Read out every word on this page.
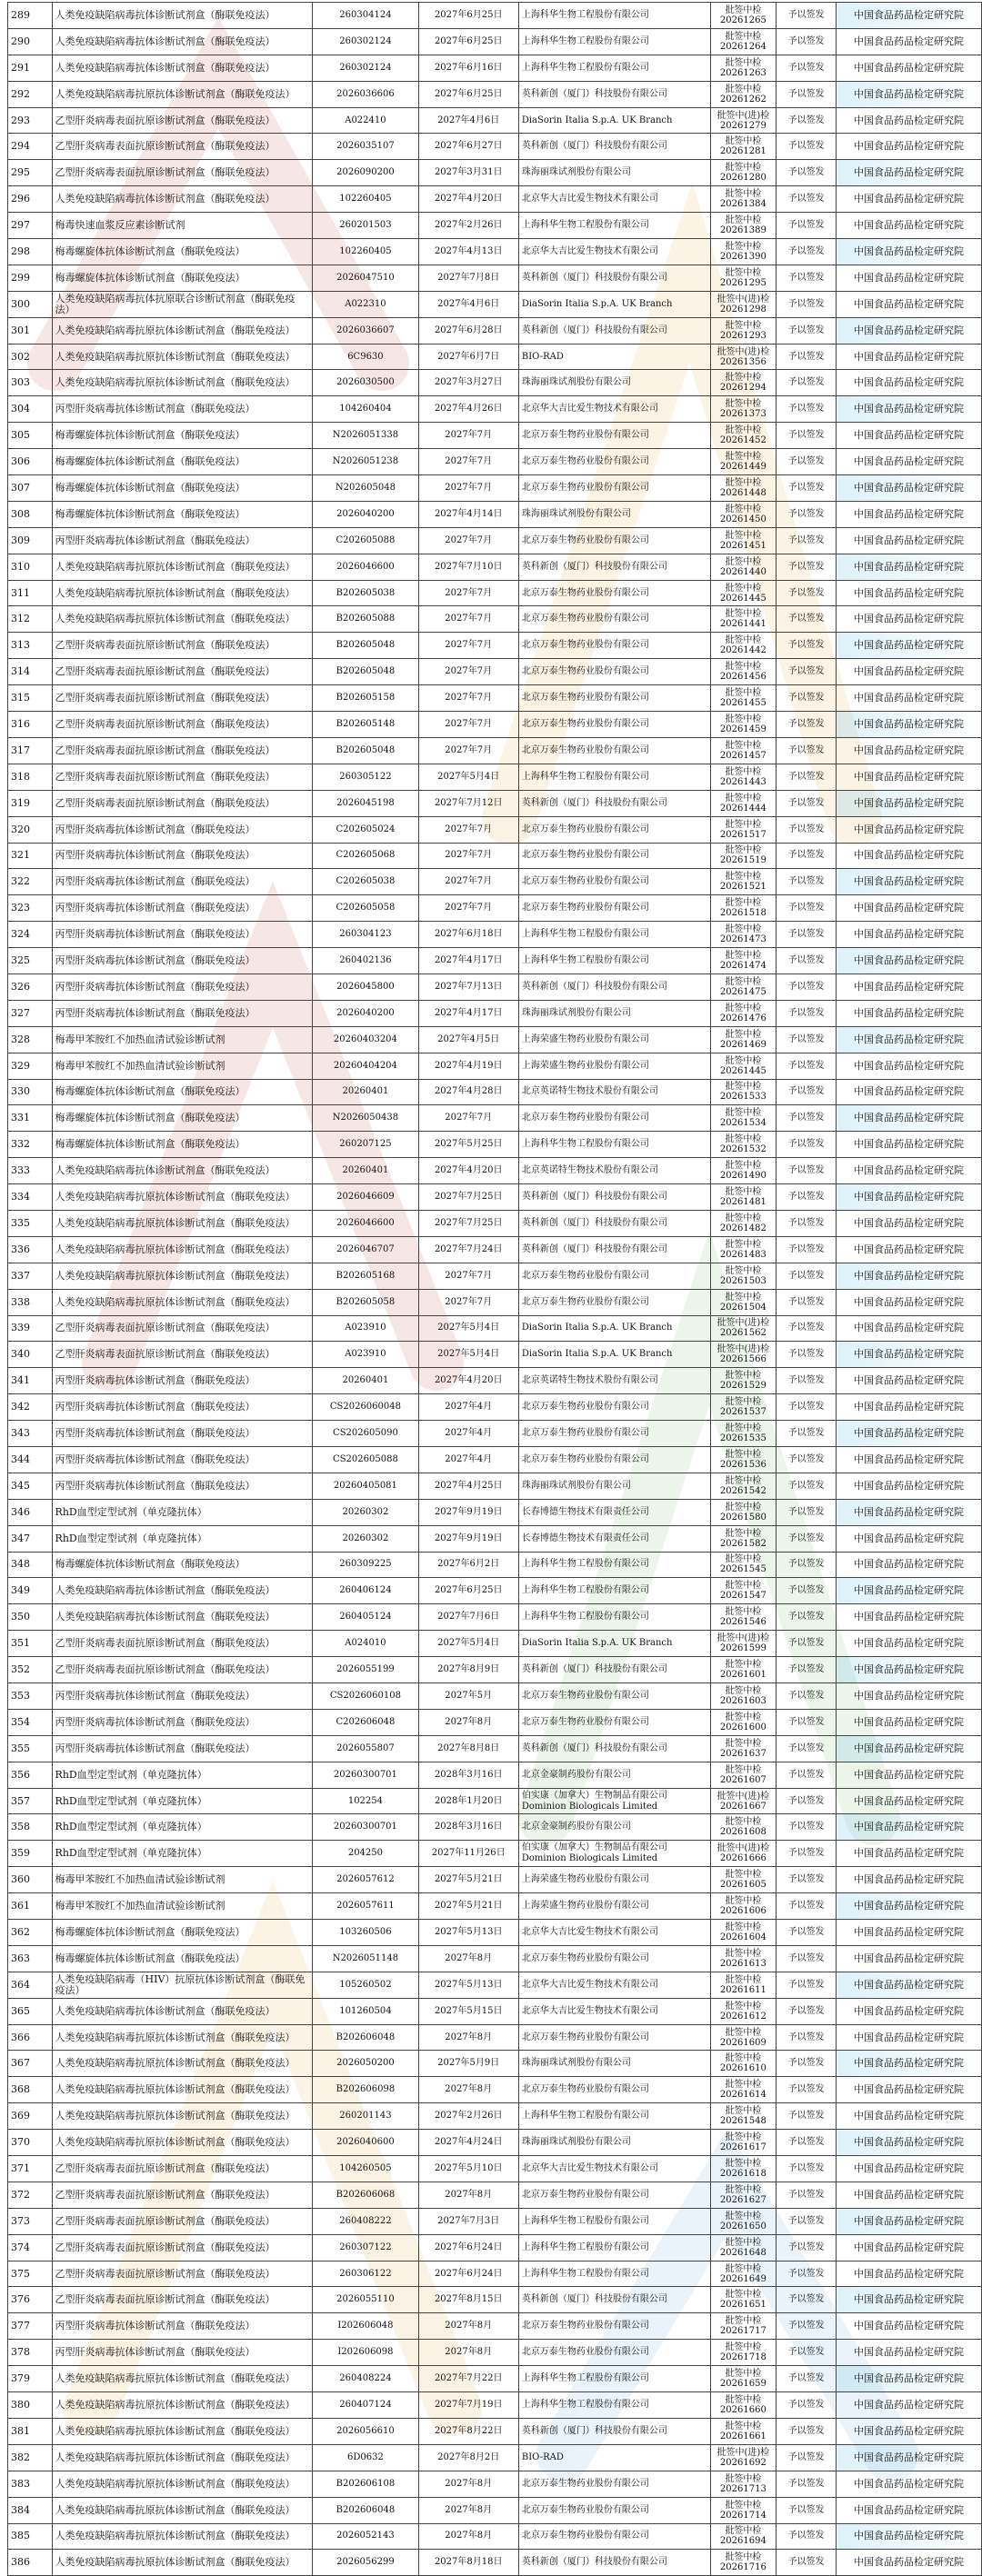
289	人类免疫缺陷病毒抗体诊断试剂盒（酶联免疫法）	260304124	2027年6月25日	上海科华生物工程股份有限公司	批签中检
20261265	予以签发	中国食品药品检定研究院
290	人类免疫缺陷病毒抗体诊断试剂盒（酶联免疫法）	260302124	2027年6月25日	上海科华生物工程股份有限公司	批签中检
20261264	予以签发	中国食品药品检定研究院
291	人类免疫缺陷病毒抗体诊断试剂盒（酶联免疫法）	260302124	2027年6月16日	上海科华生物工程股份有限公司	批签中检
20261263	予以签发	中国食品药品检定研究院
292	人类免疫缺陷病毒抗原抗体诊断试剂盒（酶联免疫法）	2026036606	2027年6月25日	英科新创（厦门）科技股份有限公司	批签中检
20261262	予以签发	中国食品药品检定研究院
293	乙型肝炎病毒表面抗原诊断试剂盒（酶联免疫法）	A022410	2027年4月6日	DiaSorin Italia S.p.A. UK Branch	批签中(进)检
20261279	予以签发	中国食品药品检定研究院
294	乙型肝炎病毒表面抗原诊断试剂盒（酶联免疫法）	2026035107	2027年6月27日	英科新创（厦门）科技股份有限公司	批签中检
20261281	予以签发	中国食品药品检定研究院
295	乙型肝炎病毒表面抗原诊断试剂盒（酶联免疫法）	2026090200	2027年3月31日	珠海丽珠试剂股份有限公司	批签中检
20261280	予以签发	中国食品药品检定研究院
296	人类免疫缺陷病毒抗体诊断试剂盒（酶联免疫法）	102260405	2027年4月20日	北京华大吉比爱生物技术有限公司	批签中检
20261384	予以签发	中国食品药品检定研究院
297	梅毒快速血浆反应素诊断试剂	260201503	2027年2月26日	上海科华生物工程股份有限公司	批签中检
20261389	予以签发	中国食品药品检定研究院
298	梅毒螺旋体抗体诊断试剂盒（酶联免疫法）	102260405	2027年4月13日	北京华大吉比爱生物技术有限公司	批签中检
20261390	予以签发	中国食品药品检定研究院
299	梅毒螺旋体抗体诊断试剂盒（酶联免疫法）	2026047510	2027年7月8日	英科新创（厦门）科技股份有限公司	批签中检
20261295	予以签发	中国食品药品检定研究院
300	人类免疫缺陷病毒抗体抗原联合诊断试剂盒（酶联免疫法）	A022310	2027年4月6日	DiaSorin Italia S.p.A. UK Branch	批签中(进)检
20261298	予以签发	中国食品药品检定研究院
301	人类免疫缺陷病毒抗原抗体诊断试剂盒（酶联免疫法）	2026036607	2027年6月28日	英科新创（厦门）科技股份有限公司	批签中检
20261293	予以签发	中国食品药品检定研究院
302	人类免疫缺陷病毒抗原抗体诊断试剂盒（酶联免疫法）	6C9630	2027年6月7日	BIO-RAD	批签中(进)检
20261356	予以签发	中国食品药品检定研究院
303	人类免疫缺陷病毒抗原抗体诊断试剂盒（酶联免疫法）	2026030500	2027年3月27日	珠海丽珠试剂股份有限公司	批签中检
20261294	予以签发	中国食品药品检定研究院
304	丙型肝炎病毒抗体诊断试剂盒（酶联免疫法）	104260404	2027年4月26日	北京华大吉比爱生物技术有限公司	批签中检
20261373	予以签发	中国食品药品检定研究院
305	梅毒螺旋体抗体诊断试剂盒（酶联免疫法）	N2026051338	2027年7月	北京万泰生物药业股份有限公司	批签中检
20261452	予以签发	中国食品药品检定研究院
306	梅毒螺旋体抗体诊断试剂盒（酶联免疫法）	N2026051238	2027年7月	北京万泰生物药业股份有限公司	批签中检
20261449	予以签发	中国食品药品检定研究院
307	梅毒螺旋体抗体诊断试剂盒（酶联免疫法）	N202605048	2027年7月	北京万泰生物药业股份有限公司	批签中检
20261448	予以签发	中国食品药品检定研究院
308	梅毒螺旋体抗体诊断试剂盒（酶联免疫法）	2026040200	2027年4月14日	珠海丽珠试剂股份有限公司	批签中检
20261450	予以签发	中国食品药品检定研究院
309	丙型肝炎病毒抗体诊断试剂盒（酶联免疫法）	C202605088	2027年7月	北京万泰生物药业股份有限公司	批签中检
20261451	予以签发	中国食品药品检定研究院
310	人类免疫缺陷病毒抗原抗体诊断试剂盒（酶联免疫法）	2026046600	2027年7月10日	英科新创（厦门）科技股份有限公司	批签中检
20261440	予以签发	中国食品药品检定研究院
311	人类免疫缺陷病毒抗原抗体诊断试剂盒（酶联免疫法）	B202605038	2027年7月	北京万泰生物药业股份有限公司	批签中检
20261445	予以签发	中国食品药品检定研究院
312	人类免疫缺陷病毒抗原抗体诊断试剂盒（酶联免疫法）	B202605088	2027年7月	北京万泰生物药业股份有限公司	批签中检
20261441	予以签发	中国食品药品检定研究院
313	乙型肝炎病毒表面抗原诊断试剂盒（酶联免疫法）	B202605048	2027年7月	北京万泰生物药业股份有限公司	批签中检
20261442	予以签发	中国食品药品检定研究院
314	乙型肝炎病毒表面抗原诊断试剂盒（酶联免疫法）	B202605048	2027年7月	北京万泰生物药业股份有限公司	批签中检
20261456	予以签发	中国食品药品检定研究院
315	乙型肝炎病毒表面抗原诊断试剂盒（酶联免疫法）	B202605158	2027年7月	北京万泰生物药业股份有限公司	批签中检
20261455	予以签发	中国食品药品检定研究院
316	乙型肝炎病毒表面抗原诊断试剂盒（酶联免疫法）	B202605148	2027年7月	北京万泰生物药业股份有限公司	批签中检
20261459	予以签发	中国食品药品检定研究院
317	乙型肝炎病毒表面抗原诊断试剂盒（酶联免疫法）	B202605048	2027年7月	北京万泰生物药业股份有限公司	批签中检
20261457	予以签发	中国食品药品检定研究院
318	乙型肝炎病毒表面抗原诊断试剂盒（酶联免疫法）	260305122	2027年5月4日	上海科华生物工程股份有限公司	批签中检
20261443	予以签发	中国食品药品检定研究院
319	乙型肝炎病毒表面抗原诊断试剂盒（酶联免疫法）	2026045198	2027年7月12日	英科新创（厦门）科技股份有限公司	批签中检
20261444	予以签发	中国食品药品检定研究院
320	丙型肝炎病毒抗体诊断试剂盒（酶联免疫法）	C202605024	2027年7月	北京万泰生物药业股份有限公司	批签中检
20261517	予以签发	中国食品药品检定研究院
321	丙型肝炎病毒抗体诊断试剂盒（酶联免疫法）	C202605068	2027年7月	北京万泰生物药业股份有限公司	批签中检
20261519	予以签发	中国食品药品检定研究院
322	丙型肝炎病毒抗体诊断试剂盒（酶联免疫法）	C202605038	2027年7月	北京万泰生物药业股份有限公司	批签中检
20261521	予以签发	中国食品药品检定研究院
323	丙型肝炎病毒抗体诊断试剂盒（酶联免疫法）	C202605058	2027年7月	北京万泰生物药业股份有限公司	批签中检
20261518	予以签发	中国食品药品检定研究院
324	丙型肝炎病毒抗体诊断试剂盒（酶联免疫法）	260304123	2027年6月18日	上海科华生物工程股份有限公司	批签中检
20261473	予以签发	中国食品药品检定研究院
325	丙型肝炎病毒抗体诊断试剂盒（酶联免疫法）	260402136	2027年4月17日	上海科华生物工程股份有限公司	批签中检
20261474	予以签发	中国食品药品检定研究院
326	丙型肝炎病毒抗体诊断试剂盒（酶联免疫法）	2026045800	2027年7月13日	英科新创（厦门）科技股份有限公司	批签中检
20261475	予以签发	中国食品药品检定研究院
327	丙型肝炎病毒抗体诊断试剂盒（酶联免疫法）	2026040200	2027年4月17日	珠海丽珠试剂股份有限公司	批签中检
20261476	予以签发	中国食品药品检定研究院
328	梅毒甲苯胺红不加热血清试验诊断试剂	20260403204	2027年4月5日	上海荣盛生物药业股份有限公司	批签中检
20261469	予以签发	中国食品药品检定研究院
329	梅毒甲苯胺红不加热血清试验诊断试剂	20260404204	2027年4月19日	上海荣盛生物药业股份有限公司	批签中检
20261445	予以签发	中国食品药品检定研究院
330	梅毒螺旋体抗体诊断试剂盒（酶联免疫法）	20260401	2027年4月28日	北京英诺特生物技术股份有限公司	批签中检
20261533	予以签发	中国食品药品检定研究院
331	梅毒螺旋体抗体诊断试剂盒（酶联免疫法）	N2026050438	2027年7月	北京万泰生物药业股份有限公司	批签中检
20261534	予以签发	中国食品药品检定研究院
332	梅毒螺旋体抗体诊断试剂盒（酶联免疫法）	260207125	2027年5月25日	上海科华生物工程股份有限公司	批签中检
20261532	予以签发	中国食品药品检定研究院
333	人类免疫缺陷病毒抗体诊断试剂盒（酶联免疫法）	20260401	2027年4月20日	北京英诺特生物技术股份有限公司	批签中检
20261490	予以签发	中国食品药品检定研究院
334	人类免疫缺陷病毒抗原抗体诊断试剂盒（酶联免疫法）	2026046609	2027年7月25日	英科新创（厦门）科技股份有限公司	批签中检
20261481	予以签发	中国食品药品检定研究院
335	人类免疫缺陷病毒抗原抗体诊断试剂盒（酶联免疫法）	2026046600	2027年7月25日	英科新创（厦门）科技股份有限公司	批签中检
20261482	予以签发	中国食品药品检定研究院
336	人类免疫缺陷病毒抗原抗体诊断试剂盒（酶联免疫法）	2026046707	2027年7月24日	英科新创（厦门）科技股份有限公司	批签中检
20261483	予以签发	中国食品药品检定研究院
337	人类免疫缺陷病毒抗原抗体诊断试剂盒（酶联免疫法）	B202605168	2027年7月	北京万泰生物药业股份有限公司	批签中检
20261503	予以签发	中国食品药品检定研究院
338	人类免疫缺陷病毒抗原抗体诊断试剂盒（酶联免疫法）	B202605058	2027年7月	北京万泰生物药业股份有限公司	批签中检
20261504	予以签发	中国食品药品检定研究院
339	乙型肝炎病毒表面抗原诊断试剂盒（酶联免疫法）	A023910	2027年5月4日	DiaSorin Italia S.p.A. UK Branch	批签中(进)检
20261562	予以签发	中国食品药品检定研究院
340	乙型肝炎病毒表面抗原诊断试剂盒（酶联免疫法）	A023910	2027年5月4日	DiaSorin Italia S.p.A. UK Branch	批签中(进)检
20261566	予以签发	中国食品药品检定研究院
341	丙型肝炎病毒抗体诊断试剂盒（酶联免疫法）	20260401	2027年4月20日	北京英诺特生物技术股份有限公司	批签中检
20261529	予以签发	中国食品药品检定研究院
342	丙型肝炎病毒抗体诊断试剂盒（酶联免疫法）	CS2026060048	2027年4月	北京万泰生物药业股份有限公司	批签中检
20261537	予以签发	中国食品药品检定研究院
343	丙型肝炎病毒抗体诊断试剂盒（酶联免疫法）	CS202605090	2027年4月	北京万泰生物药业股份有限公司	批签中检
20261535	予以签发	中国食品药品检定研究院
344	丙型肝炎病毒抗体诊断试剂盒（酶联免疫法）	CS202605088	2027年4月	北京万泰生物药业股份有限公司	批签中检
20261536	予以签发	中国食品药品检定研究院
345	丙型肝炎病毒抗体诊断试剂盒（酶联免疫法）	20260405081	2027年4月25日	珠海丽珠试剂股份有限公司	批签中检
20261542	予以签发	中国食品药品检定研究院
346	RhD血型定型试剂（单克隆抗体）	20260302	2027年9月19日	长春博德生物技术有限责任公司	批签中检
20261580	予以签发	中国食品药品检定研究院
347	RhD血型定型试剂（单克隆抗体）	20260302	2027年9月19日	长春博德生物技术有限责任公司	批签中检
20261582	予以签发	中国食品药品检定研究院
348	梅毒螺旋体抗体诊断试剂盒（酶联免疫法）	260309225	2027年6月2日	上海科华生物工程股份有限公司	批签中检
20261545	予以签发	中国食品药品检定研究院
349	人类免疫缺陷病毒抗体诊断试剂盒（酶联免疫法）	260406124	2027年6月25日	上海科华生物工程股份有限公司	批签中检
20261547	予以签发	中国食品药品检定研究院
350	人类免疫缺陷病毒抗体诊断试剂盒（酶联免疫法）	260405124	2027年7月6日	上海科华生物工程股份有限公司	批签中检
20261546	予以签发	中国食品药品检定研究院
351	乙型肝炎病毒表面抗原诊断试剂盒（酶联免疫法）	A024010	2027年5月4日	DiaSorin Italia S.p.A. UK Branch	批签中(进)检
20261599	予以签发	中国食品药品检定研究院
352	乙型肝炎病毒表面抗原诊断试剂盒（酶联免疫法）	2026055199	2027年8月9日	英科新创（厦门）科技股份有限公司	批签中检
20261601	予以签发	中国食品药品检定研究院
353	丙型肝炎病毒抗体诊断试剂盒（酶联免疫法）	CS2026060108	2027年5月	北京万泰生物药业股份有限公司	批签中检
20261603	予以签发	中国食品药品检定研究院
354	丙型肝炎病毒抗体诊断试剂盒（酶联免疫法）	C202606048	2027年8月	北京万泰生物药业股份有限公司	批签中检
20261600	予以签发	中国食品药品检定研究院
355	丙型肝炎病毒抗体诊断试剂盒（酶联免疫法）	2026055807	2027年8月8日	英科新创（厦门）科技股份有限公司	批签中检
20261637	予以签发	中国食品药品检定研究院
356	RhD血型定型试剂（单克隆抗体）	20260300701	2028年3月16日	北京金豪制药股份有限公司	批签中检
20261607	予以签发	中国食品药品检定研究院
357	RhD血型定型试剂（单克隆抗体）	102254	2028年1月20日	伯实康（加拿大）生物制品有限公司 Dominion Biologicals Limited	批签中(进)检
20261667	予以签发	中国食品药品检定研究院
358	RhD血型定型试剂（单克隆抗体）	20260300701	2028年3月16日	北京金豪制药股份有限公司	批签中检
20261608	予以签发	中国食品药品检定研究院
359	RhD血型定型试剂（单克隆抗体）	204250	2027年11月26日	伯实康（加拿大）生物制品有限公司 Dominion Biologicals Limited	批签中(进)检
20261666	予以签发	中国食品药品检定研究院
360	梅毒甲苯胺红不加热血清试验诊断试剂	2026057612	2027年5月21日	上海荣盛生物药业股份有限公司	批签中检
20261605	予以签发	中国食品药品检定研究院
361	梅毒甲苯胺红不加热血清试验诊断试剂	2026057611	2027年5月21日	上海荣盛生物药业股份有限公司	批签中检
20261606	予以签发	中国食品药品检定研究院
362	梅毒螺旋体抗体诊断试剂盒（酶联免疫法）	103260506	2027年5月13日	北京华大吉比爱生物技术有限公司	批签中检
20261604	予以签发	中国食品药品检定研究院
363	梅毒螺旋体抗体诊断试剂盒（酶联免疫法）	N2026051148	2027年8月	北京万泰生物药业股份有限公司	批签中检
20261613	予以签发	中国食品药品检定研究院
364	人类免疫缺陷病毒（HIV）抗原抗体诊断试剂盒（酶联免疫法）	105260502	2027年5月13日	北京华大吉比爱生物技术有限公司	批签中检
20261611	予以签发	中国食品药品检定研究院
365	人类免疫缺陷病毒抗体诊断试剂盒（酶联免疫法）	101260504	2027年5月15日	北京华大吉比爱生物技术有限公司	批签中检
20261612	予以签发	中国食品药品检定研究院
366	人类免疫缺陷病毒抗原抗体诊断试剂盒（酶联免疫法）	B202606048	2027年8月	北京万泰生物药业股份有限公司	批签中检
20261609	予以签发	中国食品药品检定研究院
367	人类免疫缺陷病毒抗原抗体诊断试剂盒（酶联免疫法）	2026050200	2027年5月9日	珠海丽珠试剂股份有限公司	批签中检
20261610	予以签发	中国食品药品检定研究院
368	人类免疫缺陷病毒抗原抗体诊断试剂盒（酶联免疫法）	B202606098	2027年8月	北京万泰生物药业股份有限公司	批签中检
20261614	予以签发	中国食品药品检定研究院
369	人类免疫缺陷病毒抗原抗体诊断试剂盒（酶联免疫法）	260201143	2027年2月26日	上海科华生物工程股份有限公司	批签中检
20261548	予以签发	中国食品药品检定研究院
370	人类免疫缺陷病毒抗原抗体诊断试剂盒（酶联免疫法）	2026040600	2027年4月24日	珠海丽珠试剂股份有限公司	批签中检
20261617	予以签发	中国食品药品检定研究院
371	乙型肝炎病毒表面抗原诊断试剂盒（酶联免疫法）	104260505	2027年5月10日	北京华大吉比爱生物技术有限公司	批签中检
20261618	予以签发	中国食品药品检定研究院
372	乙型肝炎病毒表面抗原诊断试剂盒（酶联免疫法）	B202606068	2027年8月	北京万泰生物药业股份有限公司	批签中检
20261627	予以签发	中国食品药品检定研究院
373	乙型肝炎病毒表面抗原诊断试剂盒（酶联免疫法）	260408222	2027年7月3日	上海科华生物工程股份有限公司	批签中检
20261650	予以签发	中国食品药品检定研究院
374	乙型肝炎病毒表面抗原诊断试剂盒（酶联免疫法）	260307122	2027年6月24日	上海科华生物工程股份有限公司	批签中检
20261648	予以签发	中国食品药品检定研究院
375	乙型肝炎病毒表面抗原诊断试剂盒（酶联免疫法）	260306122	2027年6月24日	上海科华生物工程股份有限公司	批签中检
20261649	予以签发	中国食品药品检定研究院
376	乙型肝炎病毒表面抗原诊断试剂盒（酶联免疫法）	2026055110	2027年8月15日	英科新创（厦门）科技股份有限公司	批签中检
20261651	予以签发	中国食品药品检定研究院
377	丙型肝炎病毒抗体诊断试剂盒（酶联免疫法）	I202606048	2027年8月	北京万泰生物药业股份有限公司	批签中检
20261717	予以签发	中国食品药品检定研究院
378	丙型肝炎病毒抗体诊断试剂盒（酶联免疫法）	I202606098	2027年8月	北京万泰生物药业股份有限公司	批签中检
20261718	予以签发	中国食品药品检定研究院
379	人类免疫缺陷病毒抗原抗体诊断试剂盒（酶联免疫法）	260408224	2027年7月22日	上海科华生物工程股份有限公司	批签中检
20261659	予以签发	中国食品药品检定研究院
380	人类免疫缺陷病毒抗原抗体诊断试剂盒（酶联免疫法）	260407124	2027年7月19日	上海科华生物工程股份有限公司	批签中检
20261660	予以签发	中国食品药品检定研究院
381	人类免疫缺陷病毒抗原抗体诊断试剂盒（酶联免疫法）	2026056610	2027年8月22日	英科新创（厦门）科技股份有限公司	批签中检
20261661	予以签发	中国食品药品检定研究院
382	人类免疫缺陷病毒抗原抗体诊断试剂盒（酶联免疫法）	6D0632	2027年8月2日	BIO-RAD	批签中(进)检
20261692	予以签发	中国食品药品检定研究院
383	人类免疫缺陷病毒抗原抗体诊断试剂盒（酶联免疫法）	B202606108	2027年8月	北京万泰生物药业股份有限公司	批签中检
20261713	予以签发	中国食品药品检定研究院
384	人类免疫缺陷病毒抗原抗体诊断试剂盒（酶联免疫法）	B202606048	2027年8月	北京万泰生物药业股份有限公司	批签中检
20261714	予以签发	中国食品药品检定研究院
385	人类免疫缺陷病毒抗原抗体诊断试剂盒（酶联免疫法）	2026052143	2027年8月	北京万泰生物药业股份有限公司	批签中检
20261694	予以签发	中国食品药品检定研究院
386	人类免疫缺陷病毒抗原抗体诊断试剂盒（酶联免疫法）	2026056299	2027年8月18日	英科新创（厦门）科技股份有限公司	批签中检
20261716	予以签发	中国食品药品检定研究院
